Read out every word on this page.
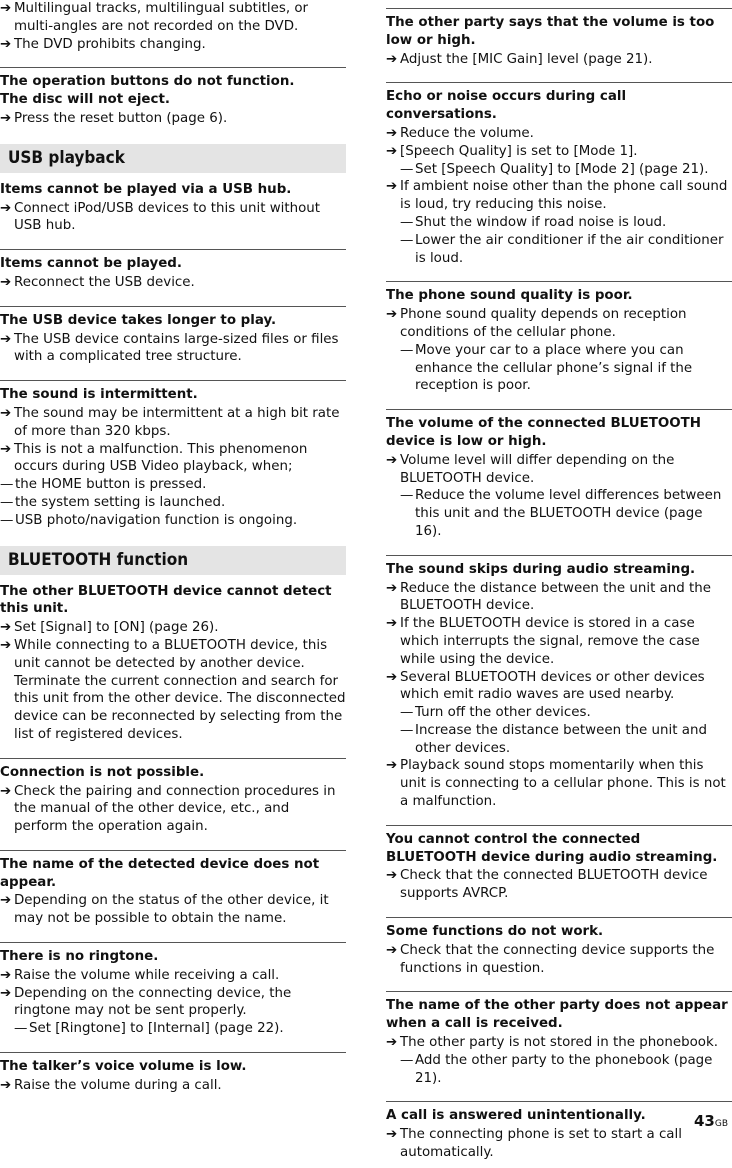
➔ Multilingual tracks, multilingual subtitles, or multi-angles are not recorded on the DVD.
➔ The DVD prohibits changing.
The operation buttons do not function.
The disc will not eject.
➔ Press the reset button (page 6).
USB playback
Items cannot be played via a USB hub.
➔ Connect iPod/USB devices to this unit without USB hub.
Items cannot be played.
➔ Reconnect the USB device.
The USB device takes longer to play.
➔ The USB device contains large-sized files or files with a complicated tree structure.
The sound is intermittent.
➔ The sound may be intermittent at a high bit rate of more than 320 kbps.
➔ This is not a malfunction. This phenomenon occurs during USB Video playback, when;
— the HOME button is pressed.
— the system setting is launched.
— USB photo/navigation function is ongoing.
BLUETOOTH function
The other BLUETOOTH device cannot detect this unit.
➔ Set [Signal] to [ON] (page 26).
➔ While connecting to a BLUETOOTH device, this unit cannot be detected by another device. Terminate the current connection and search for this unit from the other device. The disconnected device can be reconnected by selecting from the list of registered devices.
Connection is not possible.
➔ Check the pairing and connection procedures in the manual of the other device, etc., and perform the operation again.
The name of the detected device does not appear.
➔ Depending on the status of the other device, it may not be possible to obtain the name.
There is no ringtone.
➔ Raise the volume while receiving a call.
➔ Depending on the connecting device, the ringtone may not be sent properly.
— Set [Ringtone] to [Internal] (page 22).
The talker’s voice volume is low.
➔ Raise the volume during a call.
The other party says that the volume is too low or high.
➔ Adjust the [MIC Gain] level (page 21).
Echo or noise occurs during call conversations.
➔ Reduce the volume.
➔ [Speech Quality] is set to [Mode 1].
— Set [Speech Quality] to [Mode 2] (page 21).
➔ If ambient noise other than the phone call sound is loud, try reducing this noise.
— Shut the window if road noise is loud.
— Lower the air conditioner if the air conditioner is loud.
The phone sound quality is poor.
➔ Phone sound quality depends on reception conditions of the cellular phone.
— Move your car to a place where you can enhance the cellular phone’s signal if the reception is poor.
The volume of the connected BLUETOOTH device is low or high.
➔ Volume level will differ depending on the BLUETOOTH device.
— Reduce the volume level differences between this unit and the BLUETOOTH device (page 16).
The sound skips during audio streaming.
➔ Reduce the distance between the unit and the BLUETOOTH device.
➔ If the BLUETOOTH device is stored in a case which interrupts the signal, remove the case while using the device.
➔ Several BLUETOOTH devices or other devices which emit radio waves are used nearby.
— Turn off the other devices.
— Increase the distance between the unit and other devices.
➔ Playback sound stops momentarily when this unit is connecting to a cellular phone. This is not a malfunction.
You cannot control the connected BLUETOOTH device during audio streaming.
➔ Check that the connected BLUETOOTH device supports AVRCP.
Some functions do not work.
➔ Check that the connecting device supports the functions in question.
The name of the other party does not appear when a call is received.
➔ The other party is not stored in the phonebook.
— Add the other party to the phonebook (page 21).
A call is answered unintentionally.
➔ The connecting phone is set to start a call automatically.
43GB
